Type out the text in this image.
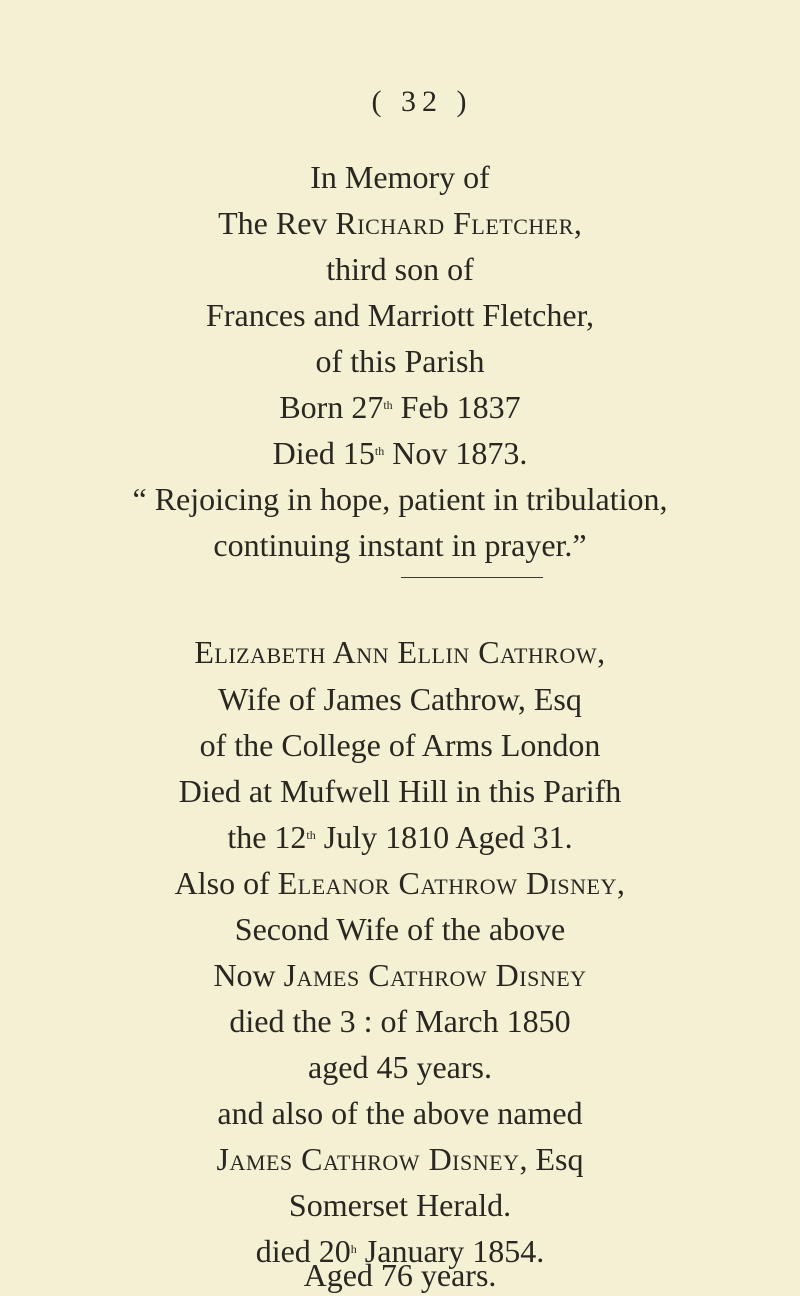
( 32 )
In Memory of
The Rev Richard Fletcher,
third son of
Frances and Marriott Fletcher,
of this Parish
Born 27th Feb 1837
Died 15th Nov 1873.
“ Rejoicing in hope, patient in tribulation,
continuing instant in prayer.”
Elizabeth Ann Ellin Cathrow,
Wife of James Cathrow, Esq
of the College of Arms London
Died at Mufwell Hill in this Parifh
the 12th July 1810 Aged 31.
Also of Eleanor Cathrow Disney,
Second Wife of the above
Now James Cathrow Disney
died the 3 : of March 1850
aged 45 years.
and also of the above named
James Cathrow Disney, Esq
Somerset Herald.
died 20$^h$ January 1854.
Aged 76 years.
